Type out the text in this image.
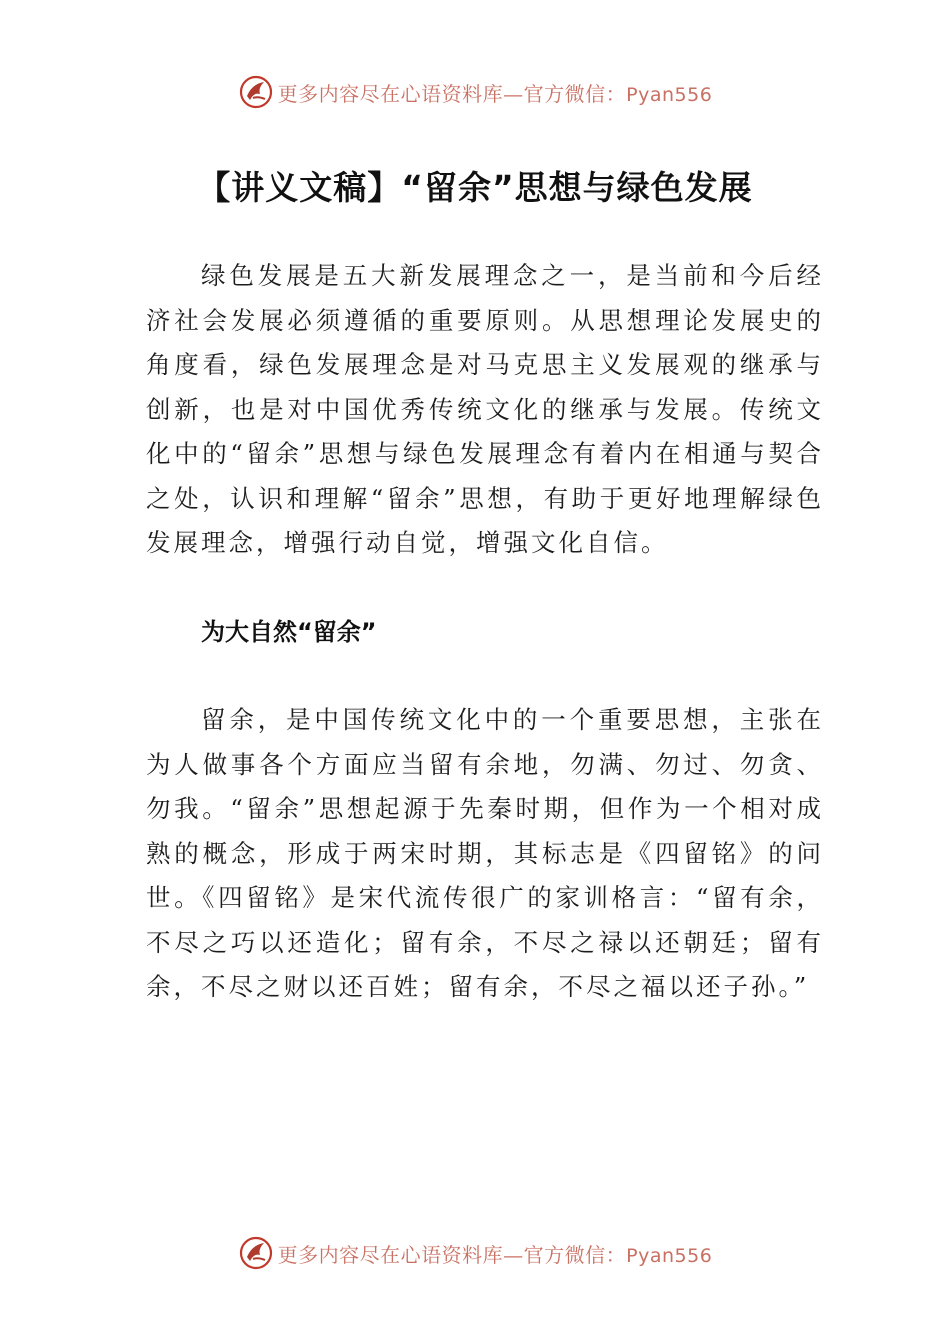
更多内容尽在心语资料库—官方微信：Pyan556
【讲义文稿】“留余”思想与绿色发展

绿色发展是五大新发展理念之一，是当前和今后经济社会发展必须遵循的重要原则。从思想理论发展史的角度看，绿色发展理念是对马克思主义发展观的继承与创新，也是对中国优秀传统文化的继承与发展。传统文化中的“留余”思想与绿色发展理念有着内在相通与契合之处，认识和理解“留余”思想，有助于更好地理解绿色发展理念，增强行动自觉，增强文化自信。

为大自然“留余”

留余，是中国传统文化中的一个重要思想，主张在为人做事各个方面应当留有余地，勿满、勿过、勿贪、勿我。“留余”思想起源于先秦时期，但作为一个相对成熟的概念，形成于两宋时期，其标志是《四留铭》的问世。《四留铭》是宋代流传很广的家训格言：“留有余，不尽之巧以还造化；留有余，不尽之禄以还朝廷；留有余，不尽之财以还百姓；留有余，不尽之福以还子孙。”

更多内容尽在心语资料库—官方微信：Pyan556
